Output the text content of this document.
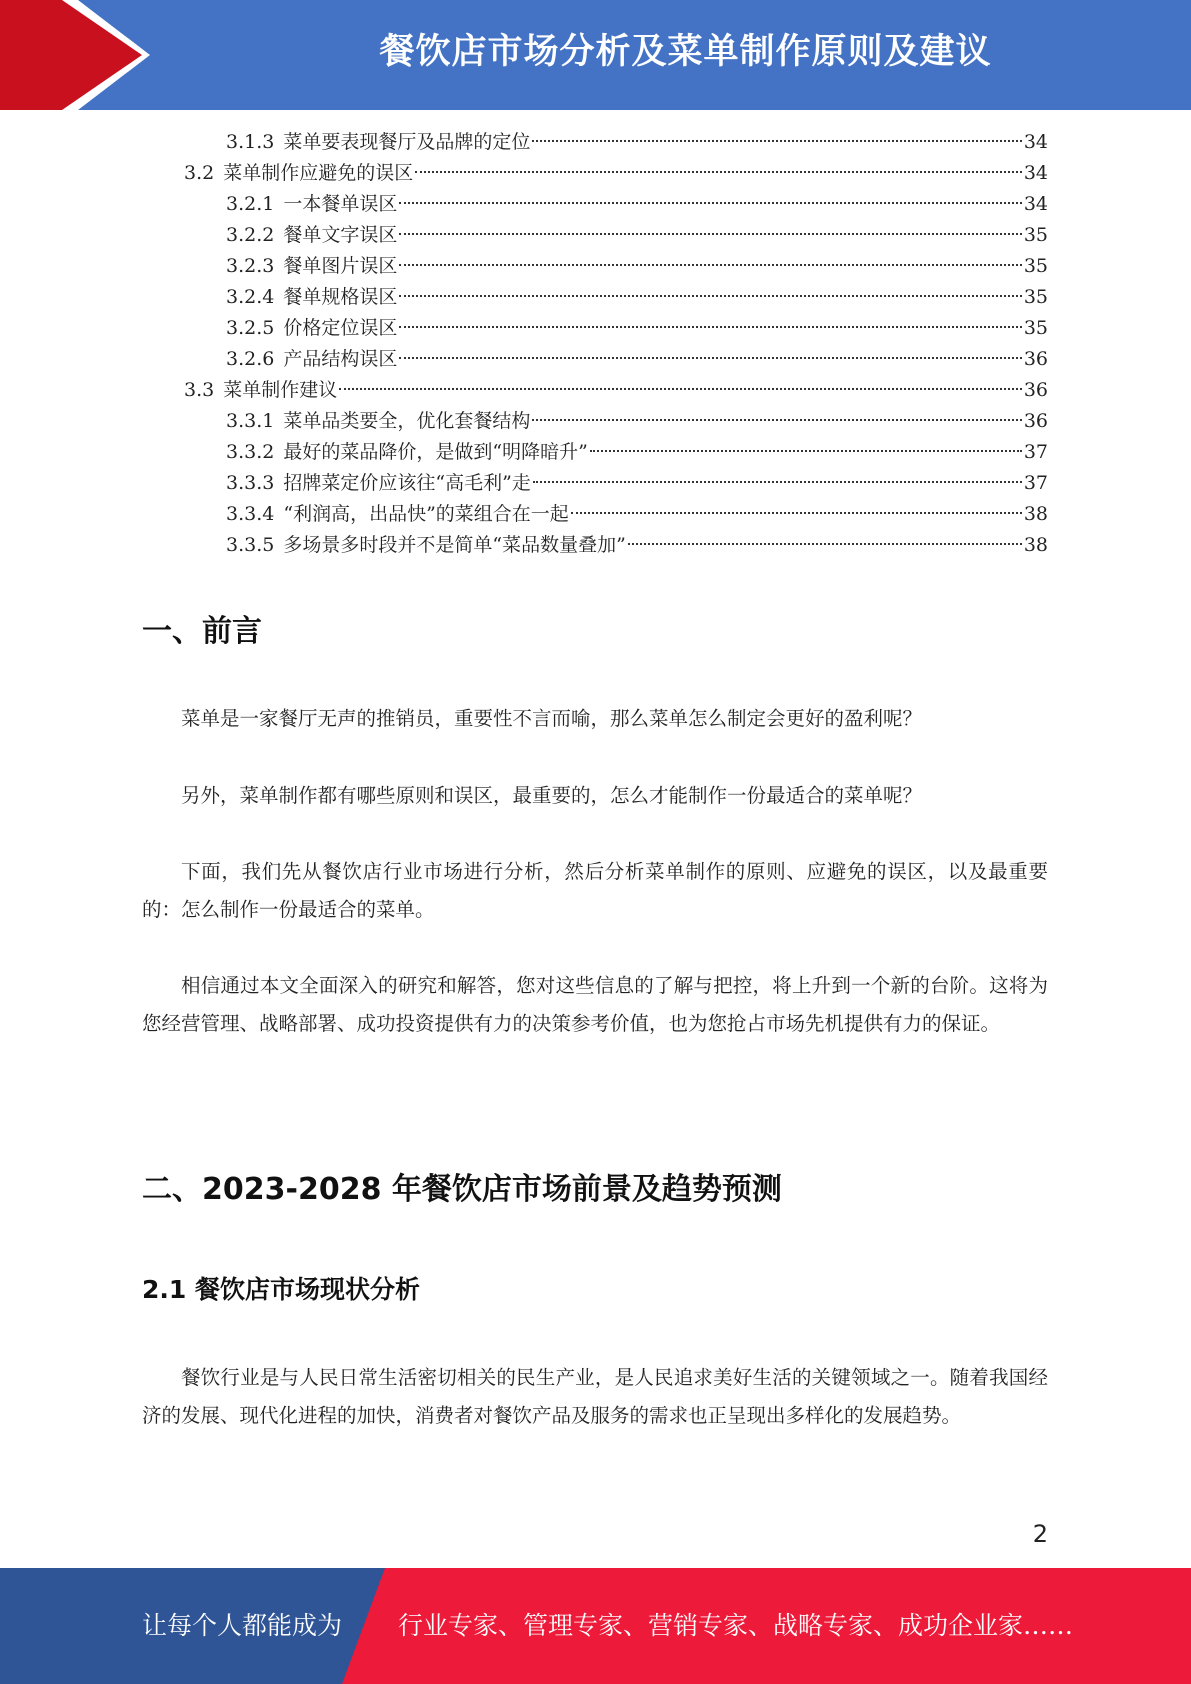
餐饮店市场分析及菜单制作原则及建议
3.1.3 菜单要表现餐厅及品牌的定位	34
3.2 菜单制作应避免的误区	34
3.2.1 一本餐单误区	34
3.2.2 餐单文字误区	35
3.2.3 餐单图片误区	35
3.2.4 餐单规格误区	35
3.2.5 价格定位误区	35
3.2.6 产品结构误区	36
3.3 菜单制作建议	36
3.3.1 菜单品类要全，优化套餐结构	36
3.3.2 最好的菜品降价，是做到“明降暗升”	37
3.3.3 招牌菜定价应该往“高毛利”走	37
3.3.4 “利润高，出品快”的菜组合在一起	38
3.3.5 多场景多时段并不是简单“菜品数量叠加”	38
一、前言

菜单是一家餐厅无声的推销员，重要性不言而喻，那么菜单怎么制定会更好的盈利呢？

另外，菜单制作都有哪些原则和误区，最重要的，怎么才能制作一份最适合的菜单呢？

下面，我们先从餐饮店行业市场进行分析，然后分析菜单制作的原则、应避免的误区，以及最重要的：怎么制作一份最适合的菜单。

相信通过本文全面深入的研究和解答，您对这些信息的了解与把控，将上升到一个新的台阶。这将为您经营管理、战略部署、成功投资提供有力的决策参考价值，也为您抢占市场先机提供有力的保证。

二、2023-2028 年餐饮店市场前景及趋势预测
2.1 餐饮店市场现状分析

餐饮行业是与人民日常生活密切相关的民生产业，是人民追求美好生活的关键领域之一。随着我国经济的发展、现代化进程的加快，消费者对餐饮产品及服务的需求也正呈现出多样化的发展趋势。

2
让每个人都能成为 行业专家、管理专家、营销专家、战略专家、成功企业家……
